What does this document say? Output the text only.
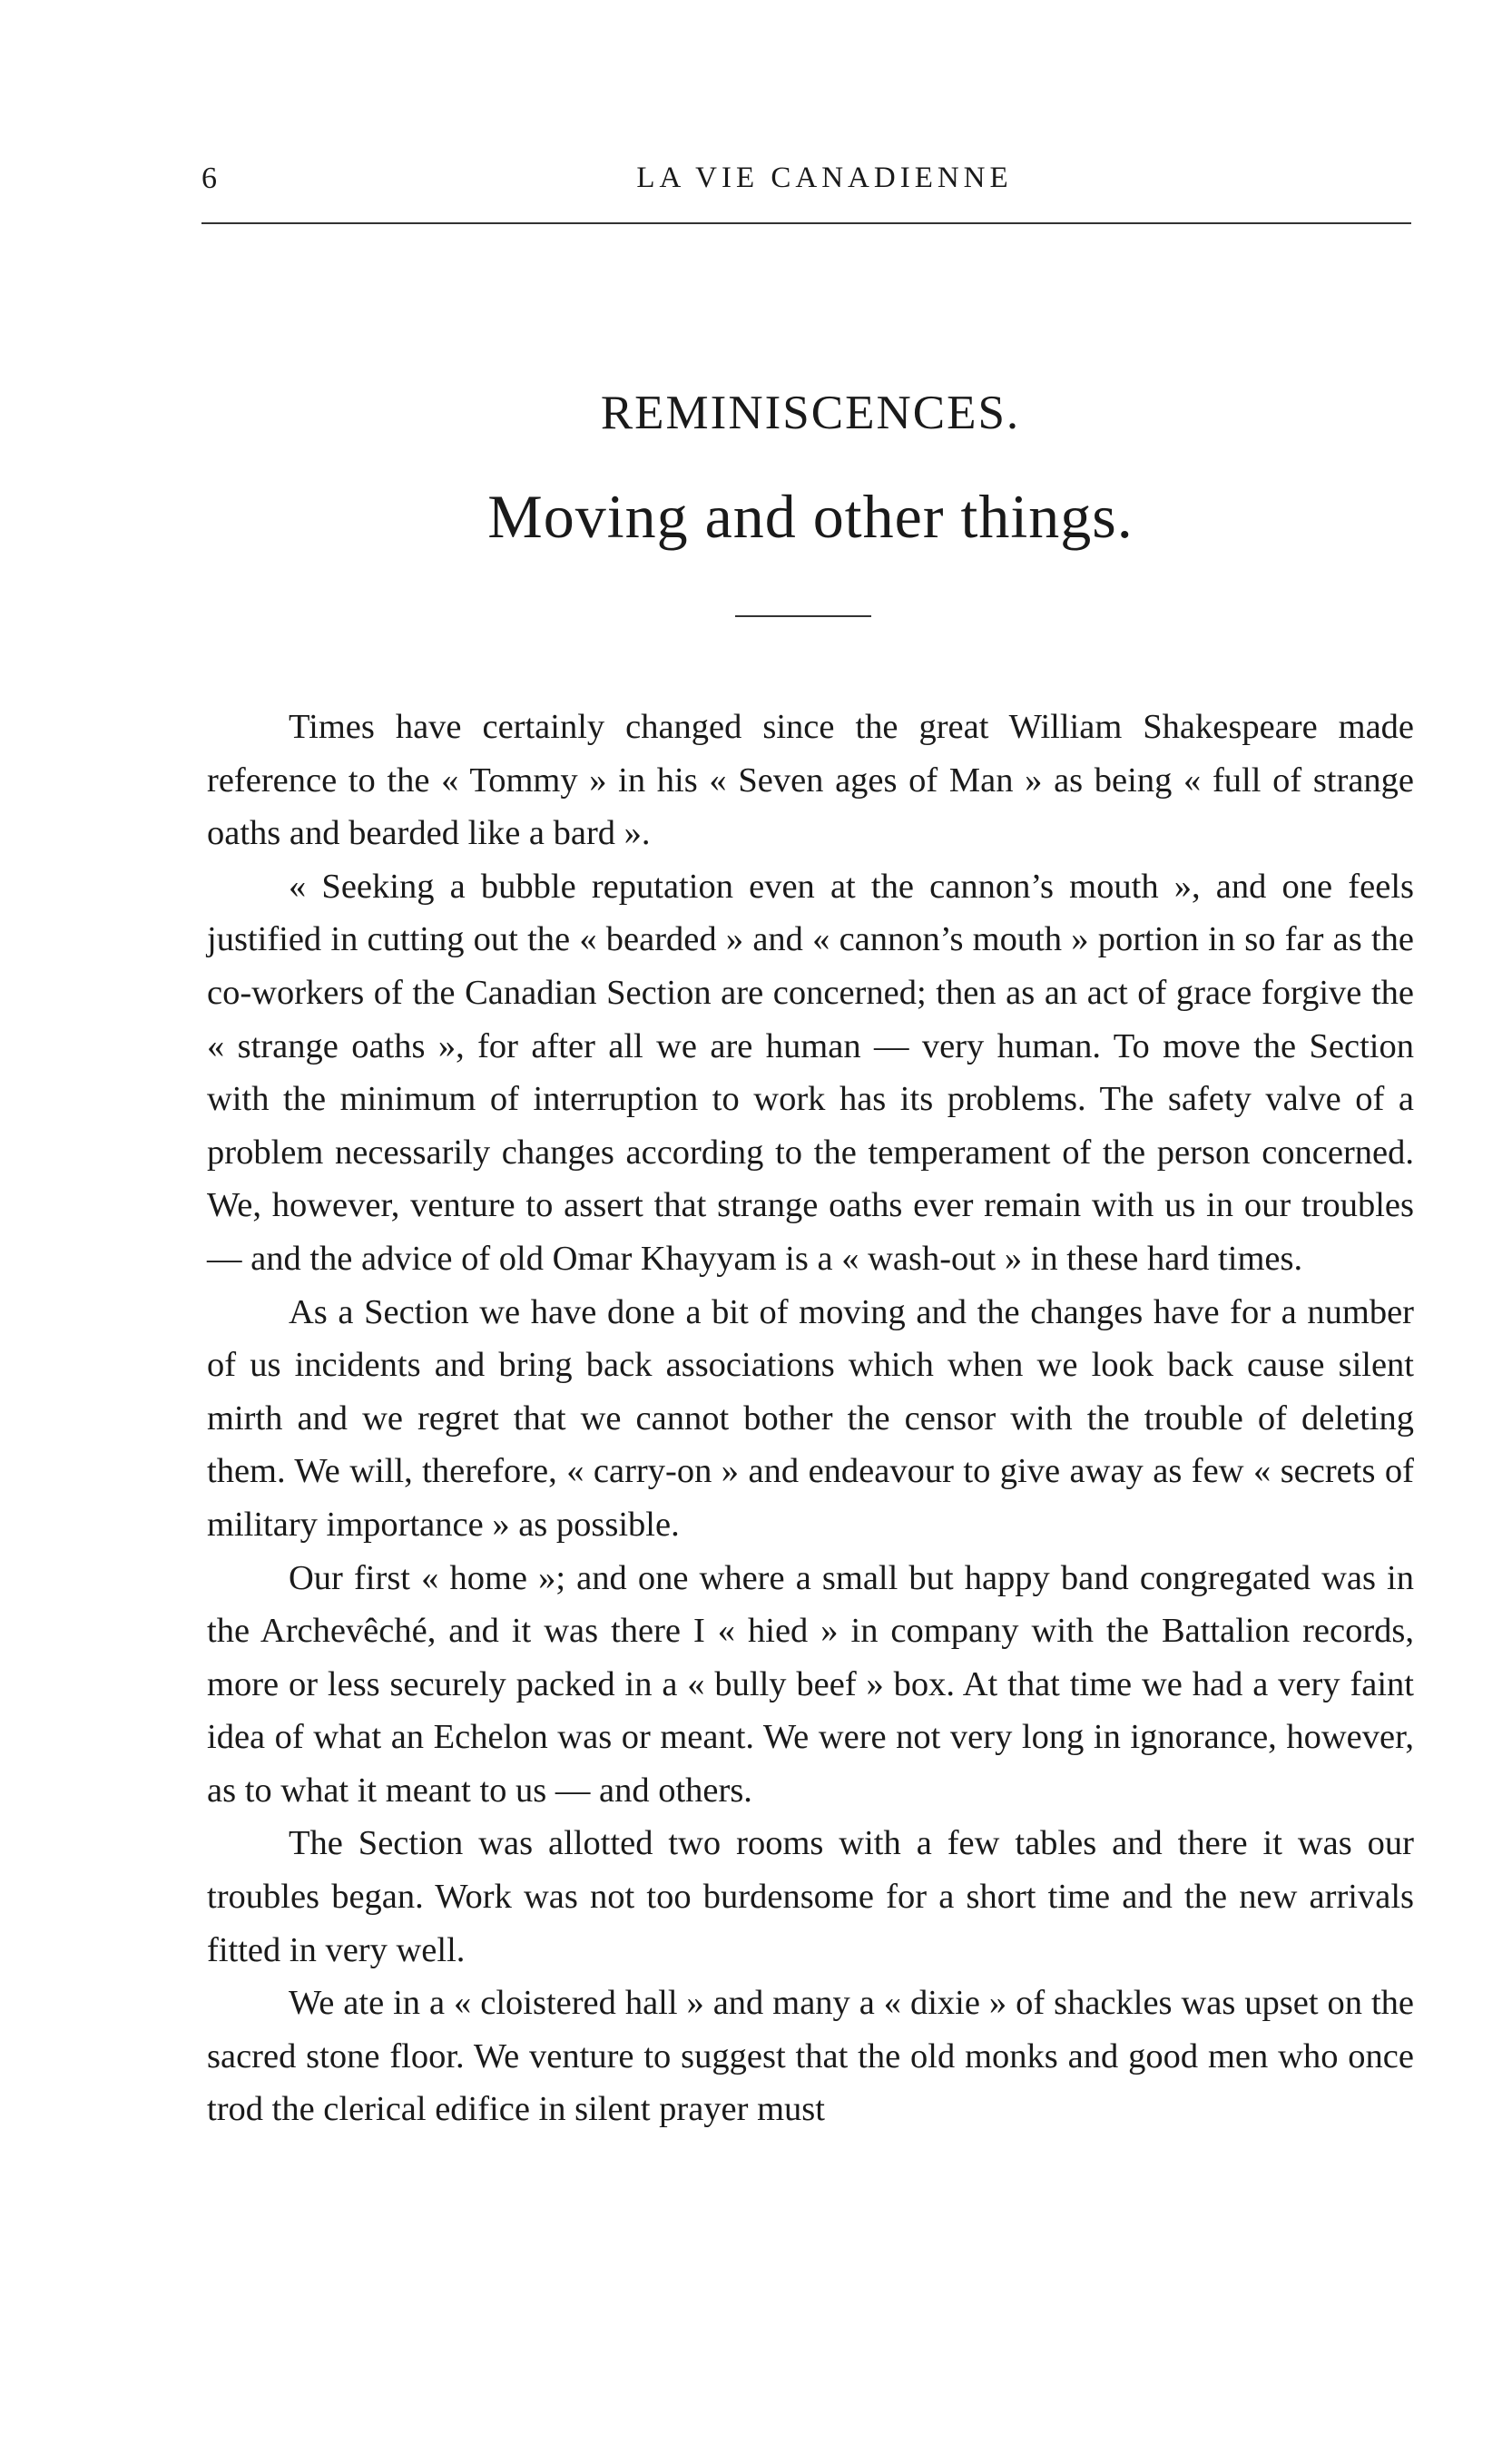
6	LA VIE CANADIENNE
REMINISCENCES.
Moving and other things.

Times have certainly changed since the great William Shakespeare made reference to the « Tommy » in his « Seven ages of Man » as being « full of strange oaths and bearded like a bard ».

« Seeking a bubble reputation even at the cannon’s mouth », and one feels justified in cutting out the « bearded » and « cannon’s mouth » portion in so far as the co-workers of the Canadian Section are concerned; then as an act of grace forgive the « strange oaths », for after all we are human — very human. To move the Section with the minimum of interruption to work has its problems. The safety valve of a problem necessarily changes according to the temperament of the person concerned. We, however, venture to assert that strange oaths ever remain with us in our troubles — and the advice of old Omar Khayyam is a « wash-out » in these hard times.

As a Section we have done a bit of moving and the changes have for a number of us incidents and bring back associations which when we look back cause silent mirth and we regret that we cannot bother the censor with the trouble of deleting them. We will, therefore, « carry-on » and endeavour to give away as few « secrets of military importance » as possible.

Our first « home »; and one where a small but happy band congregated was in the Archevêché, and it was there I « hied » in company with the Battalion records, more or less securely packed in a « bully beef » box. At that time we had a very faint idea of what an Echelon was or meant. We were not very long in ignorance, however, as to what it meant to us — and others.

The Section was allotted two rooms with a few tables and there it was our troubles began. Work was not too burdensome for a short time and the new arrivals fitted in very well.

We ate in a « cloistered hall » and many a « dixie » of shackles was upset on the sacred stone floor. We venture to suggest that the old monks and good men who once trod the clerical edifice in silent prayer must
